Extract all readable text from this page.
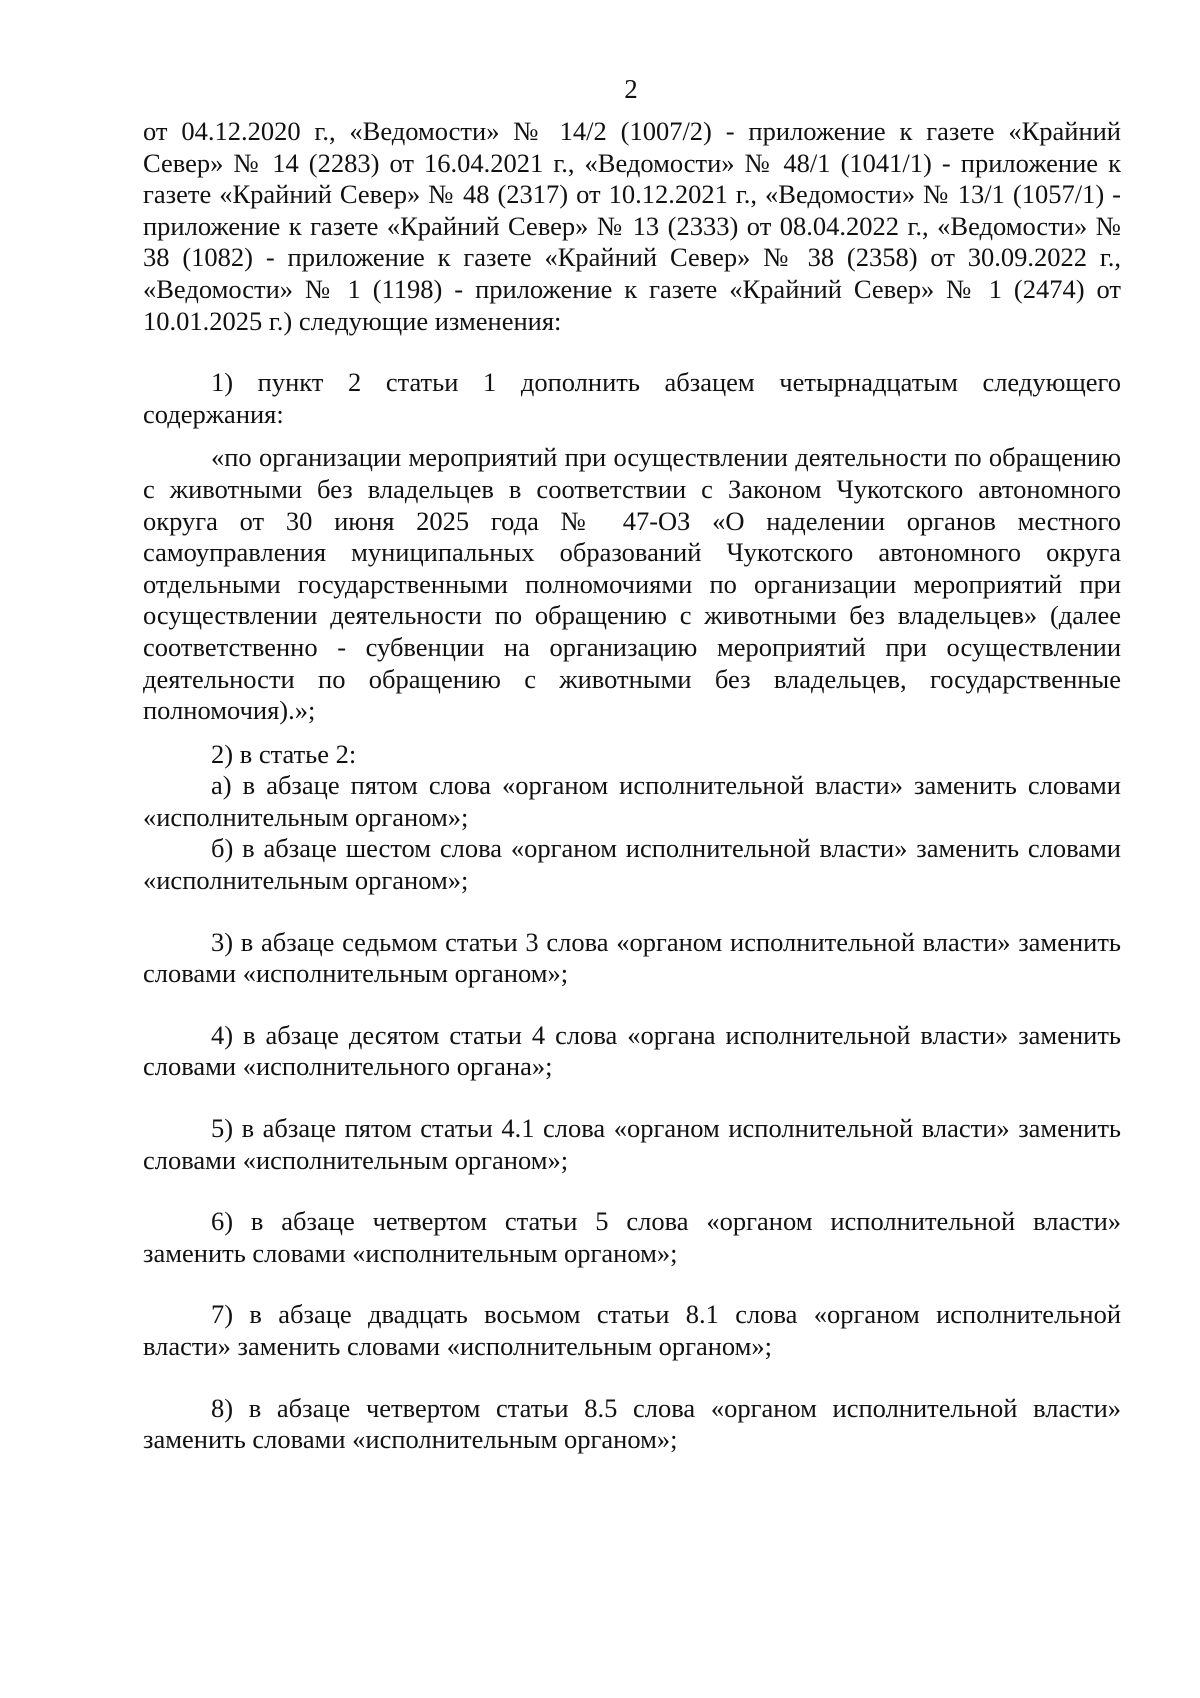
2

от 04.12.2020 г., «Ведомости» № 14/2 (1007/2) - приложение к газете «Крайний Север» № 14 (2283) от 16.04.2021 г., «Ведомости» № 48/1 (1041/1) - приложение к газете «Крайний Север» № 48 (2317) от 10.12.2021 г., «Ведомости» № 13/1 (1057/1) - приложение к газете «Крайний Север» № 13 (2333) от 08.04.2022 г., «Ведомости» № 38 (1082) - приложение к газете «Крайний Север» № 38 (2358) от 30.09.2022 г., «Ведомости» № 1 (1198) - приложение к газете «Крайний Север» № 1 (2474) от 10.01.2025 г.) следующие изменения:

1) пункт 2 статьи 1 дополнить абзацем четырнадцатым следующего содержания:

«по организации мероприятий при осуществлении деятельности по обращению с животными без владельцев в соответствии с Законом Чукотского автономного округа от 30 июня 2025 года № 47-ОЗ «О наделении органов местного самоуправления муниципальных образований Чукотского автономного округа отдельными государственными полномочиями по организации мероприятий при осуществлении деятельности по обращению с животными без владельцев» (далее соответственно - субвенции на организацию мероприятий при осуществлении деятельности по обращению с животными без владельцев, государственные полномочия).»;

2) в статье 2:

а) в абзаце пятом слова «органом исполнительной власти» заменить словами «исполнительным органом»;

б) в абзаце шестом слова «органом исполнительной власти» заменить словами «исполнительным органом»;

3) в абзаце седьмом статьи 3 слова «органом исполнительной власти» заменить словами «исполнительным органом»;

4) в абзаце десятом статьи 4 слова «органа исполнительной власти» заменить словами «исполнительного органа»;

5) в абзаце пятом статьи 4.1 слова «органом исполнительной власти» заменить словами «исполнительным органом»;

6) в абзаце четвертом статьи 5 слова «органом исполнительной власти» заменить словами «исполнительным органом»;

7) в абзаце двадцать восьмом статьи 8.1 слова «органом исполнительной власти» заменить словами «исполнительным органом»;

8) в абзаце четвертом статьи 8.5 слова «органом исполнительной власти» заменить словами «исполнительным органом»;
